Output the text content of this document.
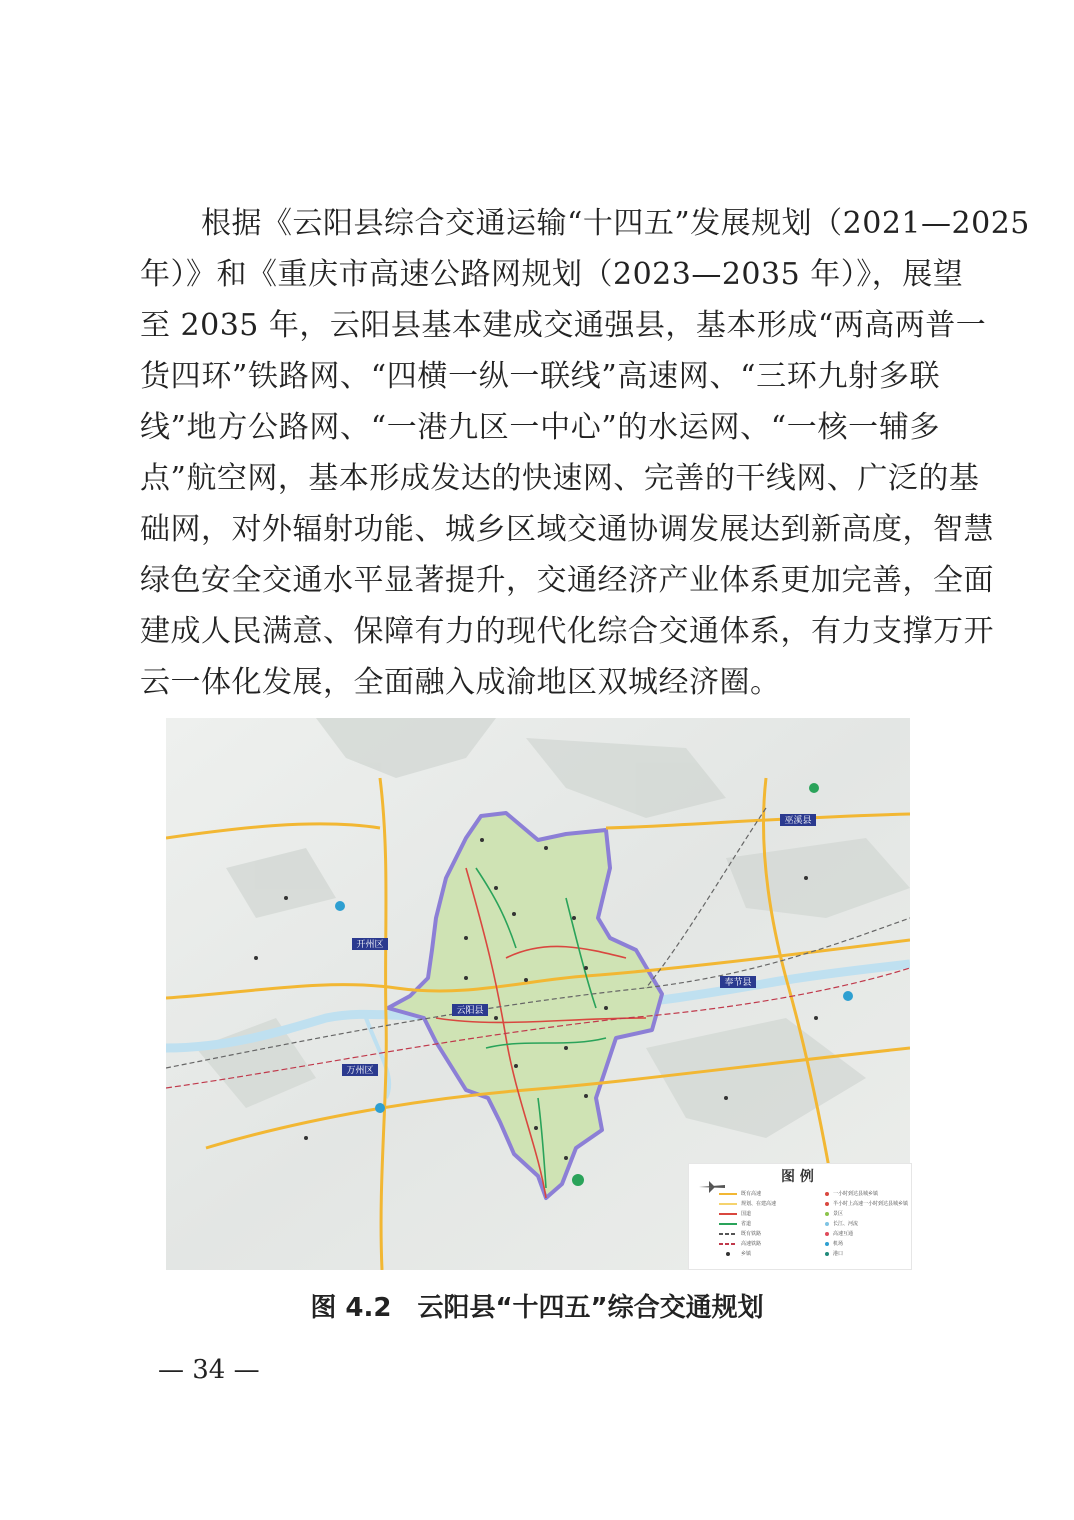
　　根据《云阳县综合交通运输“十四五”发展规划（2021—2025
年）》和《重庆市高速公路网规划（2023—2035 年）》，展望
至 2035 年，云阳县基本建成交通强县，基本形成“两高两普一
货四环”铁路网、“四横一纵一联线”高速网、“三环九射多联
线”地方公路网、“一港九区一中心”的水运网、“一核一辅多
点”航空网，基本形成发达的快速网、完善的干线网、广泛的基
础网，对外辐射功能、城乡区域交通协调发展达到新高度，智慧
绿色安全交通水平显著提升，交通经济产业体系更加完善，全面
建成人民满意、保障有力的现代化综合交通体系，有力支撑万开
云一体化发展，全面融入成渝地区双城经济圈。
云阳县
开州区
万州区
奉节县
巫溪县
图 例
既有高速	一小时到达县城乡镇
规划、在建高速	半小时上高速一小时到达县城乡镇
国道	景区
省道	长江、河流
既有铁路	高速互通
高速铁路	机场
乡镇	港口
图 4.2　云阳县“十四五”综合交通规划
— 34 —
